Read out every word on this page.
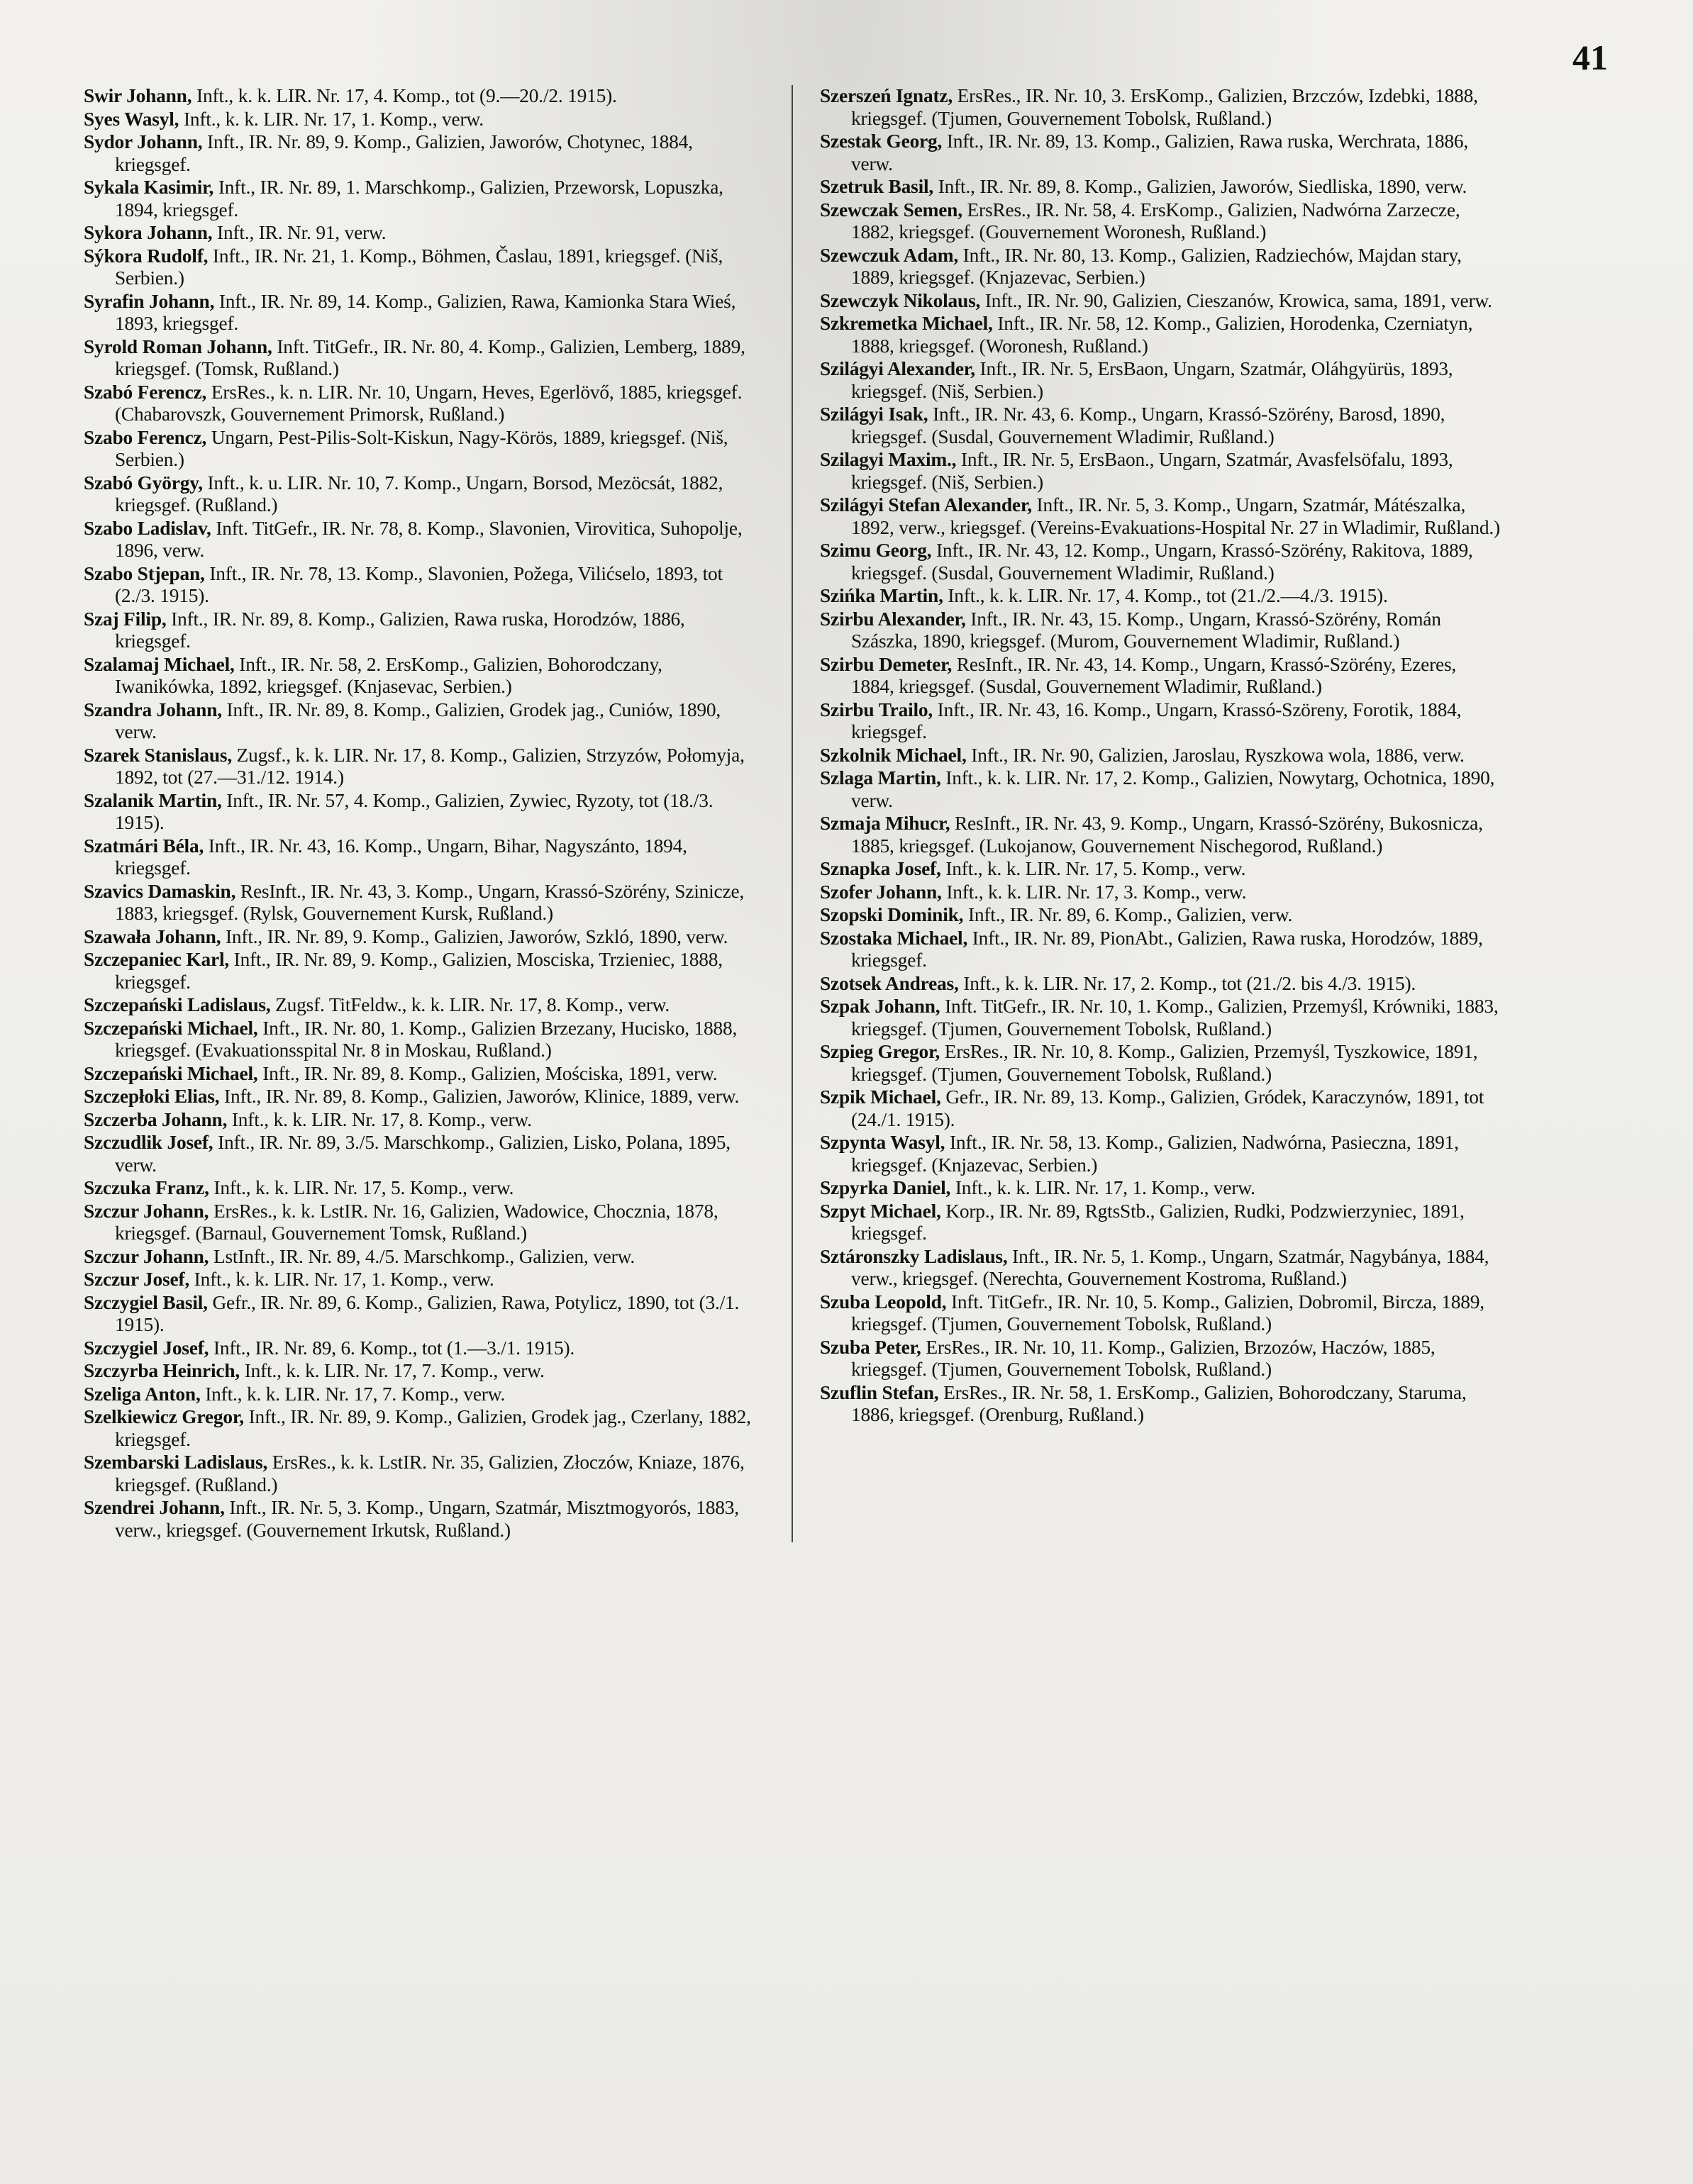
41

Swir Johann, Inft., k. k. LIR. Nr. 17, 4. Komp., tot (9.—20./2. 1915).

Syes Wasyl, Inft., k. k. LIR. Nr. 17, 1. Komp., verw.

Sydor Johann, Inft., IR. Nr. 89, 9. Komp., Galizien, Jaworów, Chotynec, 1884, kriegsgef.

Sykala Kasimir, Inft., IR. Nr. 89, 1. Marschkomp., Galizien, Przeworsk, Lopuszka, 1894, kriegsgef.

Sykora Johann, Inft., IR. Nr. 91, verw.

Sýkora Rudolf, Inft., IR. Nr. 21, 1. Komp., Böhmen, Časlau, 1891, kriegsgef. (Niš, Serbien.)

Syrafin Johann, Inft., IR. Nr. 89, 14. Komp., Galizien, Rawa, Kamionka Stara Wieś, 1893, kriegsgef.

Syrold Roman Johann, Inft. TitGefr., IR. Nr. 80, 4. Komp., Galizien, Lemberg, 1889, kriegsgef. (Tomsk, Rußland.)

Szabó Ferencz, ErsRes., k. n. LIR. Nr. 10, Ungarn, Heves, Egerlövő, 1885, kriegsgef. (Chabarovszk, Gouvernement Primorsk, Rußland.)

Szabo Ferencz, Ungarn, Pest-Pilis-Solt-Kiskun, Nagy-Körös, 1889, kriegsgef. (Niš, Serbien.)

Szabó György, Inft., k. u. LIR. Nr. 10, 7. Komp., Ungarn, Borsod, Mezöcsát, 1882, kriegsgef. (Rußland.)

Szabo Ladislav, Inft. TitGefr., IR. Nr. 78, 8. Komp., Slavonien, Virovitica, Suhopolje, 1896, verw.

Szabo Stjepan, Inft., IR. Nr. 78, 13. Komp., Slavonien, Požega, Vilićselo, 1893, tot (2./3. 1915).

Szaj Filip, Inft., IR. Nr. 89, 8. Komp., Galizien, Rawa ruska, Horodzów, 1886, kriegsgef.

Szalamaj Michael, Inft., IR. Nr. 58, 2. ErsKomp., Galizien, Bohorodczany, Iwanikówka, 1892, kriegsgef. (Knjasevac, Serbien.)

Szandra Johann, Inft., IR. Nr. 89, 8. Komp., Galizien, Grodek jag., Cuniów, 1890, verw.

Szarek Stanislaus, Zugsf., k. k. LIR. Nr. 17, 8. Komp., Galizien, Strzyzów, Połomyja, 1892, tot (27.—31./12. 1914.)

Szalanik Martin, Inft., IR. Nr. 57, 4. Komp., Galizien, Zywiec, Ryzoty, tot (18./3. 1915).

Szatmári Béla, Inft., IR. Nr. 43, 16. Komp., Ungarn, Bihar, Nagyszánto, 1894, kriegsgef.

Szavics Damaskin, ResInft., IR. Nr. 43, 3. Komp., Ungarn, Krassó-Szörény, Szinicze, 1883, kriegsgef. (Rylsk, Gouvernement Kursk, Rußland.)

Szawała Johann, Inft., IR. Nr. 89, 9. Komp., Galizien, Jaworów, Szkló, 1890, verw.

Szczepaniec Karl, Inft., IR. Nr. 89, 9. Komp., Galizien, Mosciska, Trzieniec, 1888, kriegsgef.

Szczepański Ladislaus, Zugsf. TitFeldw., k. k. LIR. Nr. 17, 8. Komp., verw.

Szczepański Michael, Inft., IR. Nr. 80, 1. Komp., Galizien Brzezany, Hucisko, 1888, kriegsgef. (Evakuationsspital Nr. 8 in Moskau, Rußland.)

Szczepański Michael, Inft., IR. Nr. 89, 8. Komp., Galizien, Mościska, 1891, verw.

Szczepłoki Elias, Inft., IR. Nr. 89, 8. Komp., Galizien, Jaworów, Klinice, 1889, verw.

Szczerba Johann, Inft., k. k. LIR. Nr. 17, 8. Komp., verw.

Szczudlik Josef, Inft., IR. Nr. 89, 3./5. Marschkomp., Galizien, Lisko, Polana, 1895, verw.

Szczuka Franz, Inft., k. k. LIR. Nr. 17, 5. Komp., verw.

Szczur Johann, ErsRes., k. k. LstIR. Nr. 16, Galizien, Wadowice, Chocznia, 1878, kriegsgef. (Barnaul, Gouvernement Tomsk, Rußland.)

Szczur Johann, LstInft., IR. Nr. 89, 4./5. Marschkomp., Galizien, verw.

Szczur Josef, Inft., k. k. LIR. Nr. 17, 1. Komp., verw.

Szczygiel Basil, Gefr., IR. Nr. 89, 6. Komp., Galizien, Rawa, Potylicz, 1890, tot (3./1. 1915).

Szczygiel Josef, Inft., IR. Nr. 89, 6. Komp., tot (1.—3./1. 1915).

Szczyrba Heinrich, Inft., k. k. LIR. Nr. 17, 7. Komp., verw.

Szeliga Anton, Inft., k. k. LIR. Nr. 17, 7. Komp., verw.

Szelkiewicz Gregor, Inft., IR. Nr. 89, 9. Komp., Galizien, Grodek jag., Czerlany, 1882, kriegsgef.

Szembarski Ladislaus, ErsRes., k. k. LstIR. Nr. 35, Galizien, Złoczów, Kniaze, 1876, kriegsgef. (Rußland.)

Szendrei Johann, Inft., IR. Nr. 5, 3. Komp., Ungarn, Szatmár, Misztmogyorós, 1883, verw., kriegsgef. (Gouvernement Irkutsk, Rußland.)

Szerszeń Ignatz, ErsRes., IR. Nr. 10, 3. ErsKomp., Galizien, Brzczów, Izdebki, 1888, kriegsgef. (Tjumen, Gouvernement Tobolsk, Rußland.)

Szestak Georg, Inft., IR. Nr. 89, 13. Komp., Galizien, Rawa ruska, Werchrata, 1886, verw.

Szetruk Basil, Inft., IR. Nr. 89, 8. Komp., Galizien, Jaworów, Siedliska, 1890, verw.

Szewczak Semen, ErsRes., IR. Nr. 58, 4. ErsKomp., Galizien, Nadwórna Zarzecze, 1882, kriegsgef. (Gouvernement Woronesh, Rußland.)

Szewczuk Adam, Inft., IR. Nr. 80, 13. Komp., Galizien, Radziechów, Majdan stary, 1889, kriegsgef. (Knjazevac, Serbien.)

Szewczyk Nikolaus, Inft., IR. Nr. 90, Galizien, Cieszanów, Krowica, sama, 1891, verw.

Szkremetka Michael, Inft., IR. Nr. 58, 12. Komp., Galizien, Horodenka, Czerniatyn, 1888, kriegsgef. (Woronesh, Rußland.)

Szilágyi Alexander, Inft., IR. Nr. 5, ErsBaon, Ungarn, Szatmár, Oláhgyürüs, 1893, kriegsgef. (Niš, Serbien.)

Szilágyi Isak, Inft., IR. Nr. 43, 6. Komp., Ungarn, Krassó-Szörény, Barosd, 1890, kriegsgef. (Susdal, Gouvernement Wladimir, Rußland.)

Szilagyi Maxim., Inft., IR. Nr. 5, ErsBaon., Ungarn, Szatmár, Avasfelsöfalu, 1893, kriegsgef. (Niš, Serbien.)

Szilágyi Stefan Alexander, Inft., IR. Nr. 5, 3. Komp., Ungarn, Szatmár, Mátészalka, 1892, verw., kriegsgef. (Vereins-Evakuations-Hospital Nr. 27 in Wladimir, Rußland.)

Szimu Georg, Inft., IR. Nr. 43, 12. Komp., Ungarn, Krassó-Szörény, Rakitova, 1889, kriegsgef. (Susdal, Gouvernement Wladimir, Rußland.)

Szińka Martin, Inft., k. k. LIR. Nr. 17, 4. Komp., tot (21./2.—4./3. 1915).

Szirbu Alexander, Inft., IR. Nr. 43, 15. Komp., Ungarn, Krassó-Szörény, Román Szászka, 1890, kriegsgef. (Murom, Gouvernement Wladimir, Rußland.)

Szirbu Demeter, ResInft., IR. Nr. 43, 14. Komp., Ungarn, Krassó-Szörény, Ezeres, 1884, kriegsgef. (Susdal, Gouvernement Wladimir, Rußland.)

Szirbu Trailo, Inft., IR. Nr. 43, 16. Komp., Ungarn, Krassó-Szöreny, Forotik, 1884, kriegsgef.

Szkolnik Michael, Inft., IR. Nr. 90, Galizien, Jaroslau, Ryszkowa wola, 1886, verw.

Szlaga Martin, Inft., k. k. LIR. Nr. 17, 2. Komp., Galizien, Nowytarg, Ochotnica, 1890, verw.

Szmaja Mihucr, ResInft., IR. Nr. 43, 9. Komp., Ungarn, Krassó-Szörény, Bukosnicza, 1885, kriegsgef. (Lukojanow, Gouvernement Nischegorod, Rußland.)

Sznapka Josef, Inft., k. k. LIR. Nr. 17, 5. Komp., verw.

Szofer Johann, Inft., k. k. LIR. Nr. 17, 3. Komp., verw.

Szopski Dominik, Inft., IR. Nr. 89, 6. Komp., Galizien, verw.

Szostaka Michael, Inft., IR. Nr. 89, PionAbt., Galizien, Rawa ruska, Horodzów, 1889, kriegsgef.

Szotsek Andreas, Inft., k. k. LIR. Nr. 17, 2. Komp., tot (21./2. bis 4./3. 1915).

Szpak Johann, Inft. TitGefr., IR. Nr. 10, 1. Komp., Galizien, Przemyśl, Krówniki, 1883, kriegsgef. (Tjumen, Gouvernement Tobolsk, Rußland.)

Szpieg Gregor, ErsRes., IR. Nr. 10, 8. Komp., Galizien, Przemyśl, Tyszkowice, 1891, kriegsgef. (Tjumen, Gouvernement Tobolsk, Rußland.)

Szpik Michael, Gefr., IR. Nr. 89, 13. Komp., Galizien, Gródek, Karaczynów, 1891, tot (24./1. 1915).

Szpynta Wasyl, Inft., IR. Nr. 58, 13. Komp., Galizien, Nadwórna, Pasieczna, 1891, kriegsgef. (Knjazevac, Serbien.)

Szpyrka Daniel, Inft., k. k. LIR. Nr. 17, 1. Komp., verw.

Szpyt Michael, Korp., IR. Nr. 89, RgtsStb., Galizien, Rudki, Podzwierzyniec, 1891, kriegsgef.

Sztáronszky Ladislaus, Inft., IR. Nr. 5, 1. Komp., Ungarn, Szatmár, Nagybánya, 1884, verw., kriegsgef. (Nerechta, Gouvernement Kostroma, Rußland.)

Szuba Leopold, Inft. TitGefr., IR. Nr. 10, 5. Komp., Galizien, Dobromil, Bircza, 1889, kriegsgef. (Tjumen, Gouvernement Tobolsk, Rußland.)

Szuba Peter, ErsRes., IR. Nr. 10, 11. Komp., Galizien, Brzozów, Haczów, 1885, kriegsgef. (Tjumen, Gouvernement Tobolsk, Rußland.)

Szuflin Stefan, ErsRes., IR. Nr. 58, 1. ErsKomp., Galizien, Bohorodczany, Staruma, 1886, kriegsgef. (Orenburg, Rußland.)
